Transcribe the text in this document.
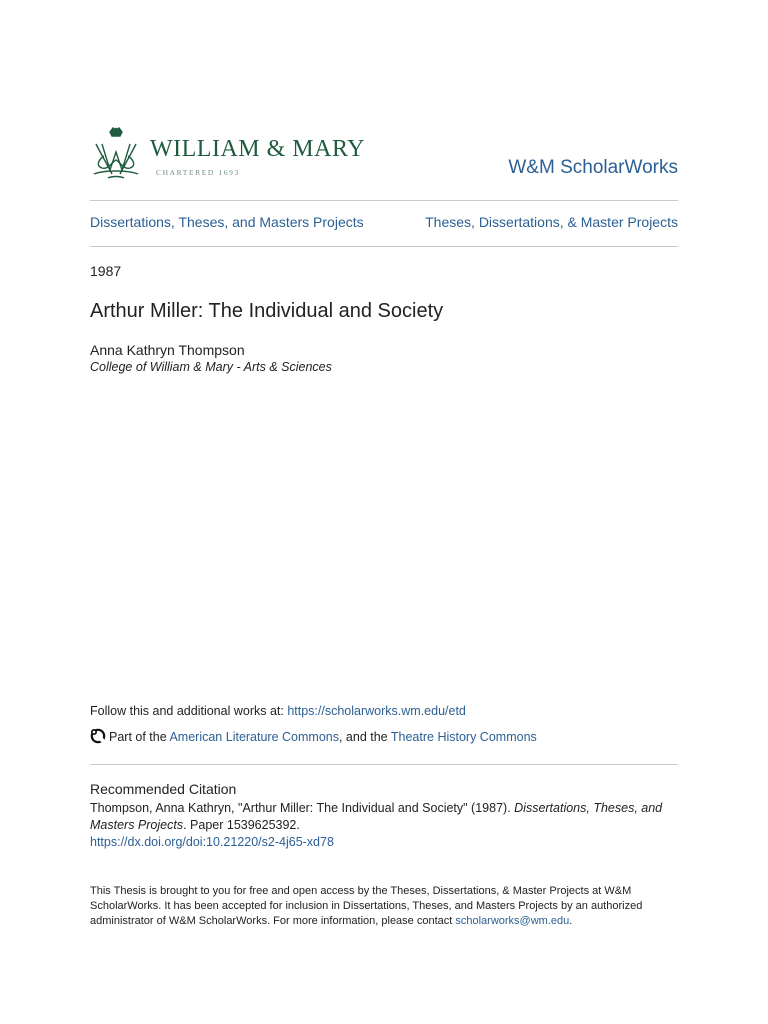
WILLIAM & MARY
CHARTERED 1693	W&M ScholarWorks
Dissertations, Theses, and Masters Projects	Theses, Dissertations, & Master Projects
1987
Arthur Miller: The Individual and Society
Anna Kathryn Thompson
College of William & Mary - Arts & Sciences
Follow this and additional works at: https://scholarworks.wm.edu/etd
Part of the American Literature Commons, and the Theatre History Commons
Recommended Citation
Thompson, Anna Kathryn, "Arthur Miller: The Individual and Society" (1987). Dissertations, Theses, and Masters Projects. Paper 1539625392.
https://dx.doi.org/doi:10.21220/s2-4j65-xd78
This Thesis is brought to you for free and open access by the Theses, Dissertations, & Master Projects at W&M ScholarWorks. It has been accepted for inclusion in Dissertations, Theses, and Masters Projects by an authorized administrator of W&M ScholarWorks. For more information, please contact scholarworks@wm.edu.
